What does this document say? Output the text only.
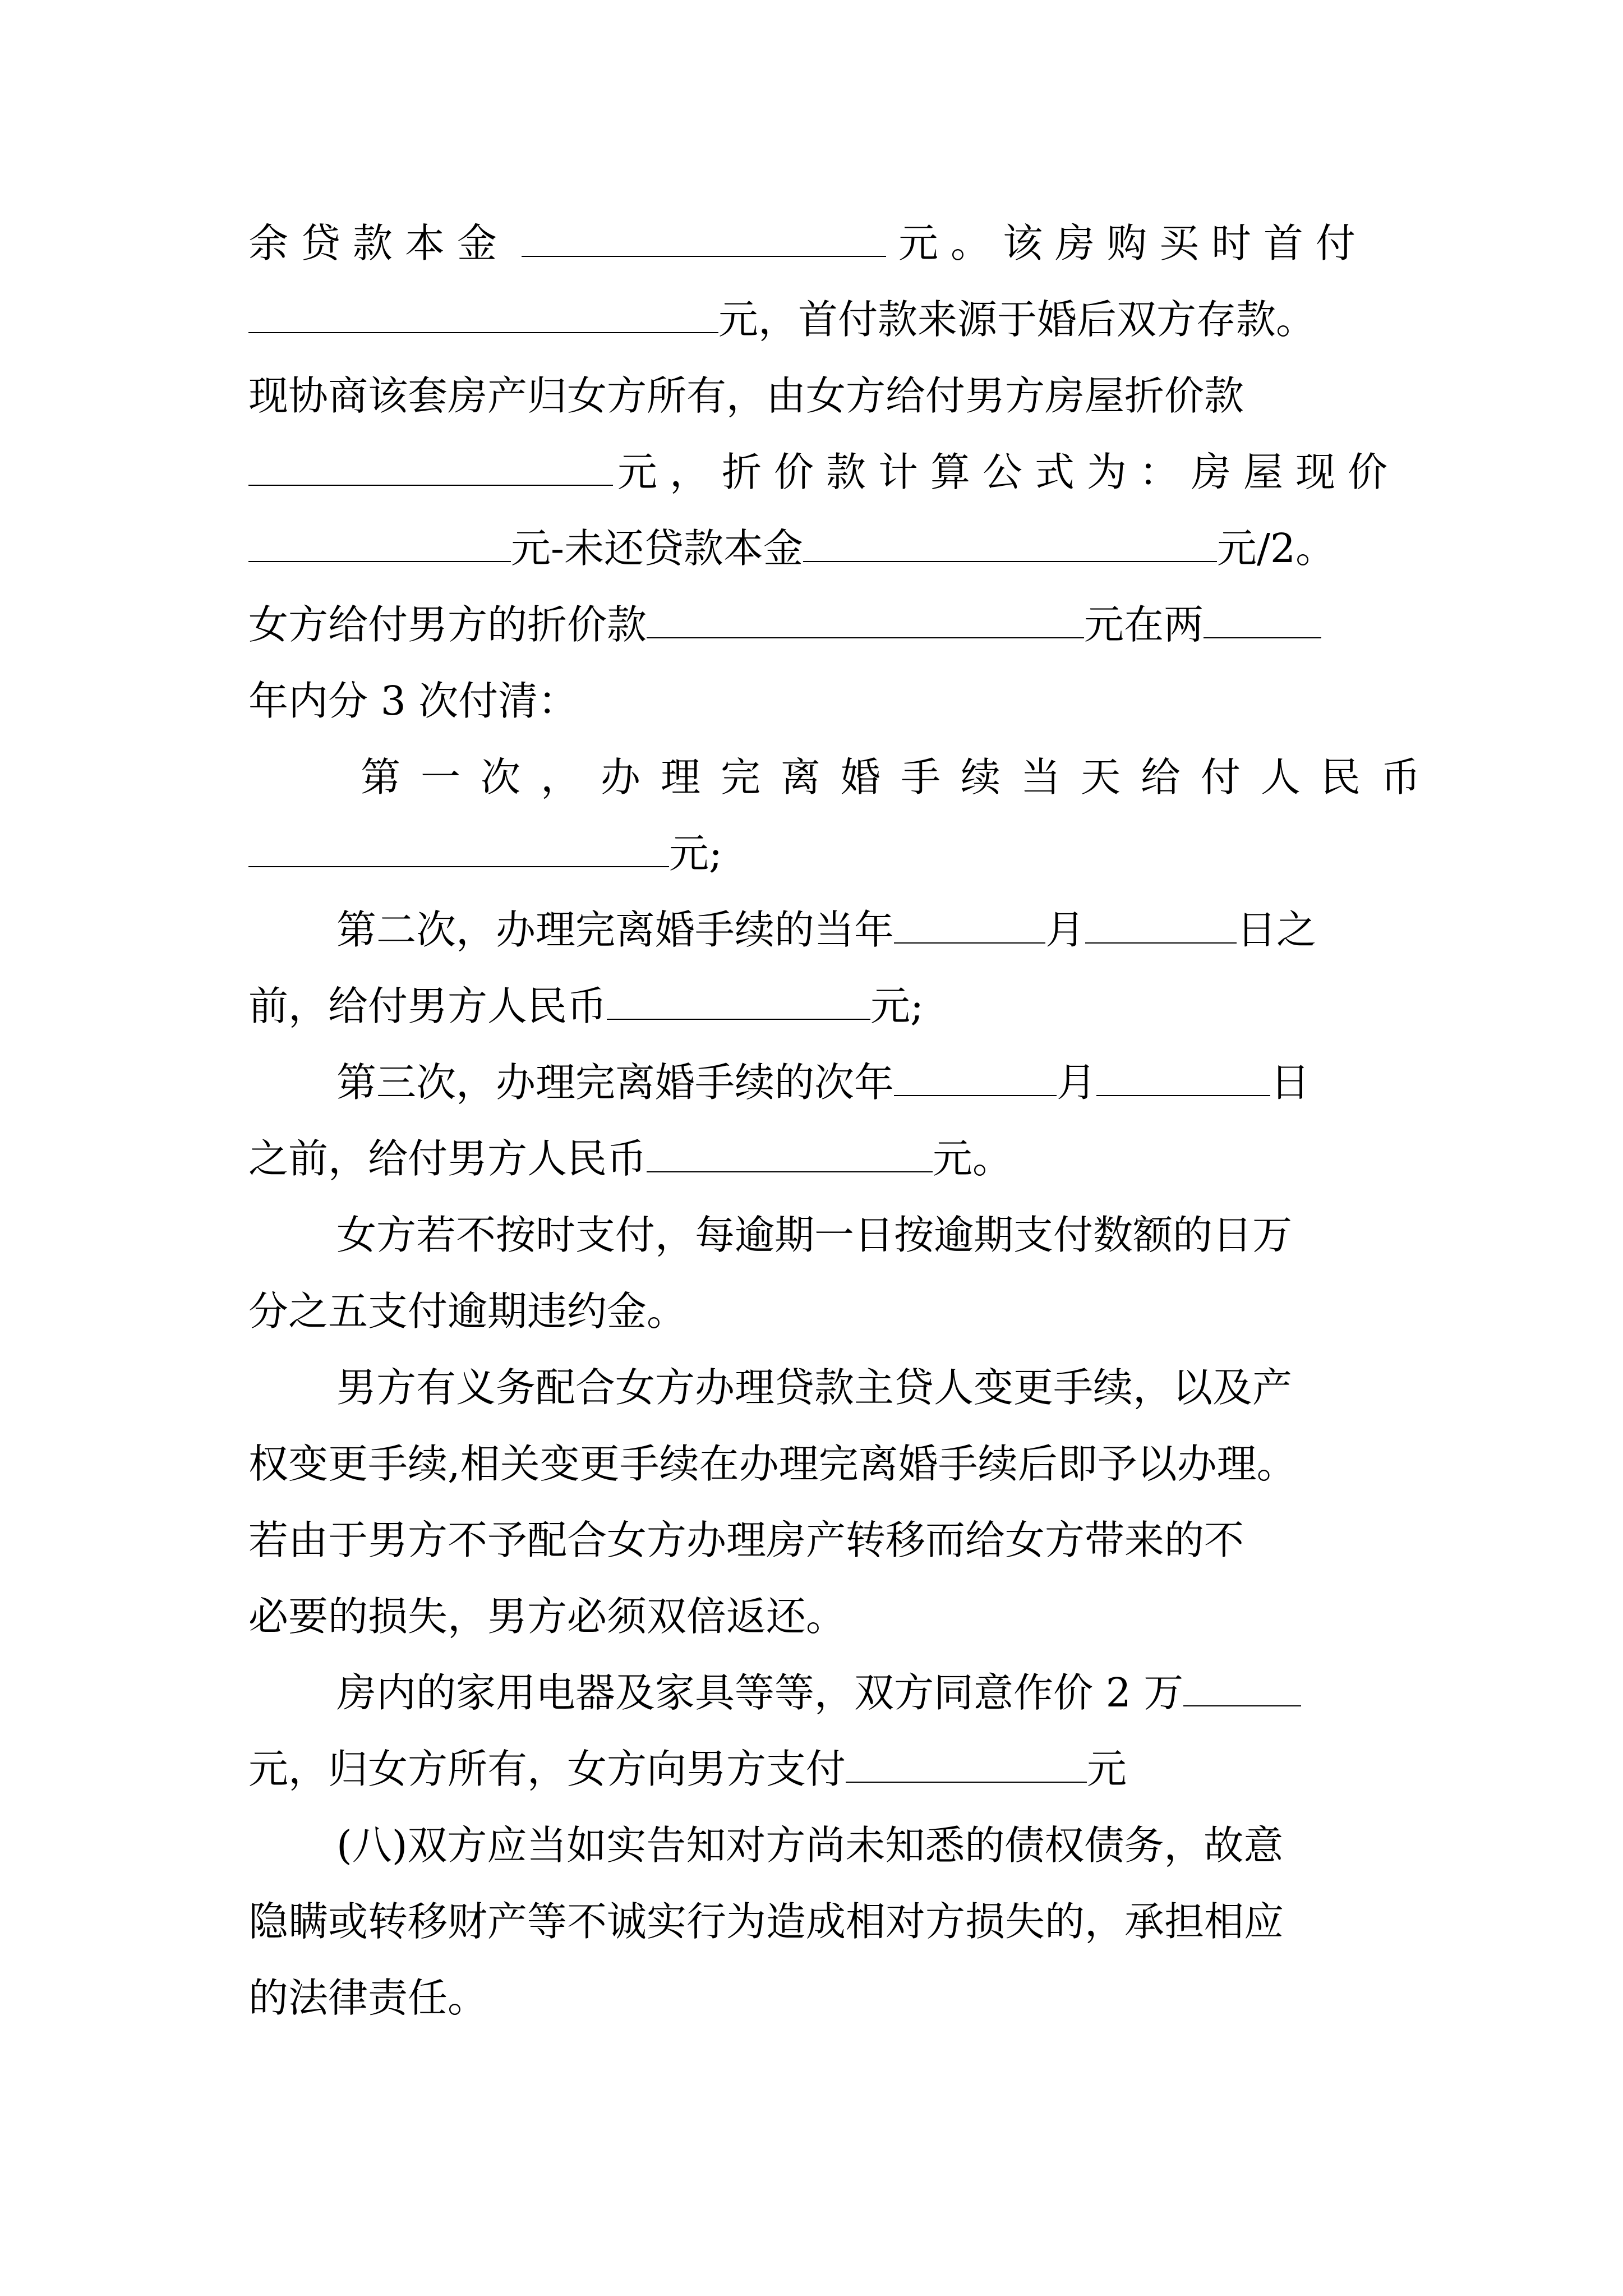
余贷款本金	元。该房购买时首付
元，首付款来源于婚后双方存款。
现协商该套房产归女方所有，由女方给付男方房屋折价款
元，折价款计算公式为：房屋现价
元-未还贷款本金	元/2。
女方给付男方的折价款	元在两
年内分 3 次付清：
第一次，办理完离婚手续当天给付人民币
元;
第二次，办理完离婚手续的当年	月	日之
前，给付男方人民币	元;
第三次，办理完离婚手续的次年	月	日
之前，给付男方人民币	元。
女方若不按时支付，每逾期一日按逾期支付数额的日万
分之五支付逾期违约金。
男方有义务配合女方办理贷款主贷人变更手续，以及产
权变更手续,相关变更手续在办理完离婚手续后即予以办理。
若由于男方不予配合女方办理房产转移而给女方带来的不
必要的损失，男方必须双倍返还。
房内的家用电器及家具等等，双方同意作价 2 万
元，归女方所有，女方向男方支付	元
(八)双方应当如实告知对方尚未知悉的债权债务，故意
隐瞒或转移财产等不诚实行为造成相对方损失的，承担相应
的法律责任。
